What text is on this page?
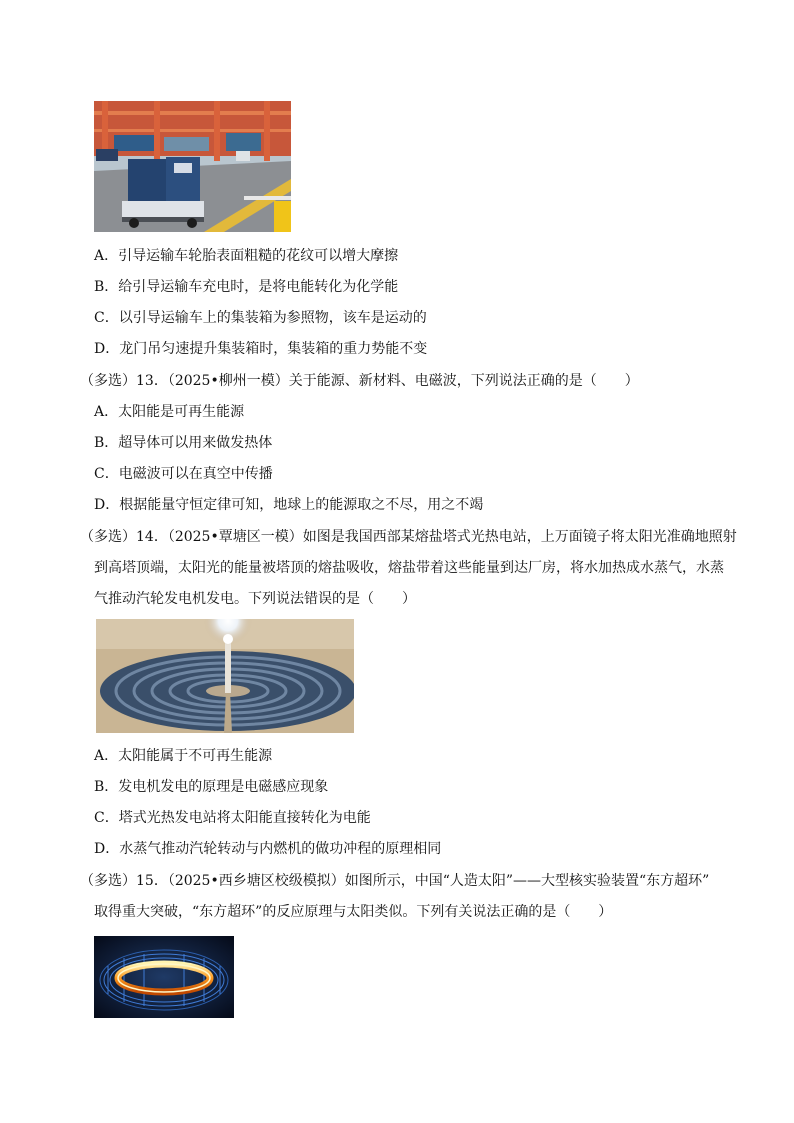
A．引导运输车轮胎表面粗糙的花纹可以增大摩擦
B．给引导运输车充电时，是将电能转化为化学能
C．以引导运输车上的集装箱为参照物，该车是运动的
D．龙门吊匀速提升集装箱时，集装箱的重力势能不变
（多选）13．（2025•柳州一模）关于能源、新材料、电磁波，下列说法正确的是（　　）
A．太阳能是可再生能源
B．超导体可以用来做发热体
C．电磁波可以在真空中传播
D．根据能量守恒定律可知，地球上的能源取之不尽，用之不竭
（多选）14．（2025•覃塘区一模）如图是我国西部某熔盐塔式光热电站，上万面镜子将太阳光准确地照射
到高塔顶端，太阳光的能量被塔顶的熔盐吸收，熔盐带着这些能量到达厂房，将水加热成水蒸气，水蒸
气推动汽轮发电机发电。下列说法错误的是（　　）
A．太阳能属于不可再生能源
B．发电机发电的原理是电磁感应现象
C．塔式光热发电站将太阳能直接转化为电能
D．水蒸气推动汽轮转动与内燃机的做功冲程的原理相同
（多选）15．（2025•西乡塘区校级模拟）如图所示，中国“人造太阳”——大型核实验装置“东方超环”
取得重大突破，“东方超环”的反应原理与太阳类似。下列有关说法正确的是（　　）
